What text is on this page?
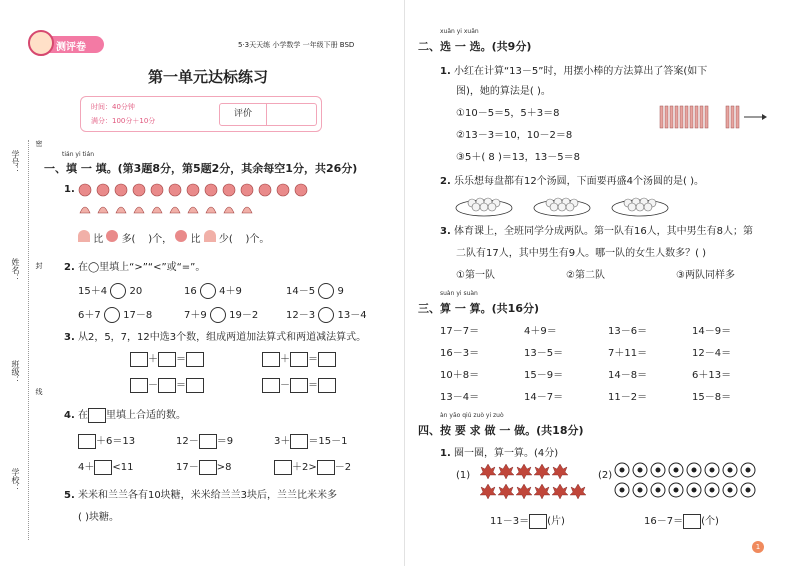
测评卷	5·3天天练 小学数学 一年级下册 BSD
第一单元达标练习
时间：40分钟
满分：100分＋10分
评价
学号：
密
姓名： 封
班级：
线
学校：
tián yi tián
一、填 一 填。(第3题8分，第5题2分，其余每空1分，共26分)
1.
比 多( )个， 比 少( )个。
2. 在◯里填上“>”“<”或“=”。
15＋4 20	16 4＋9	14－5 9
6＋7 17－8	7＋9 19－2	12－3 13－4
3. 从2，5，7，12中选3个数，组成两道加法算式和两道减法算式。
＋ ＝	＋ ＝
－ ＝	－ ＝
4. 在 里填上合适的数。
＋6＝13	12－ ＝9	3＋ ＝15－1
4＋ <11	17－ >8	＋2> －2
5. 米米和兰兰各有10块糖，米米给兰兰3块后，兰兰比米米多
( )块糖。
xuǎn yi xuǎn
二、选 一 选。(共9分)
1. 小红在计算“13－5”时，用摆小棒的方法算出了答案(如下
图)，她的算法是( )。
①10－5＝5，5＋3＝8
②13－3＝10，10－2＝8
③5＋( 8 )＝13，13－5＝8
2. 乐乐想每盘都有12个汤圆，下面要再盛4个汤圆的是( )。
3. 体育课上，全班同学分成两队。第一队有16人，其中男生有8人；第
二队有17人，其中男生有9人。哪一队的女生人数多？( )
①第一队	②第二队	③两队同样多
suàn yi suàn
三、算 一 算。(共16分)
17－7＝	4＋9＝	13－6＝	14－9＝
16－3＝	13－5＝	7＋11＝	12－4＝
10＋8＝	15－9＝	14－8＝	6＋13＝
13－4＝	14－7＝	11－2＝	15－8＝
àn yāo qiú zuò yi zuò
四、按 要 求 做 一 做。(共18分)
1. 圈一圈，算一算。(4分)
(1)	(2)
11－3＝ (片)	16－7＝ (个)
1
